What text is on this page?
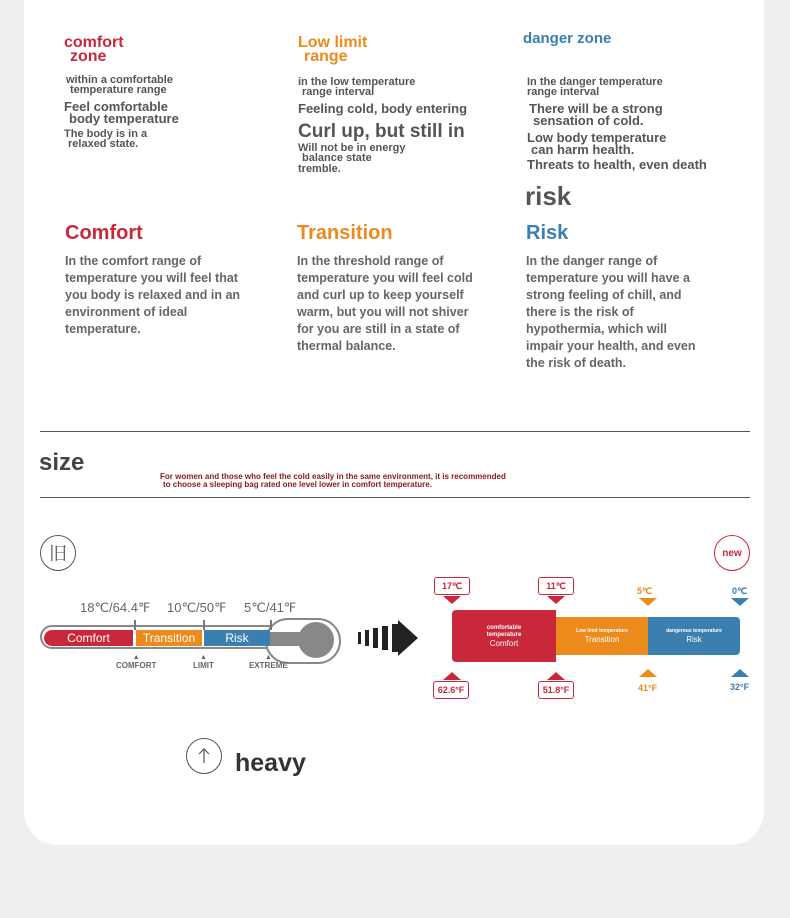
comfort
zone
within a comfortable
temperature range
Feel comfortable
body temperature
The body is in a
relaxed state.
Low limit
range
in the low temperature
range interval
Feeling cold, body entering
Curl up, but still in
Will not be in energy
balance state
tremble.
danger zone
In the danger temperature
range interval
There will be a strong
sensation of cold.
Low body temperature
can harm health.
Threats to health, even death
risk
Comfort
In the comfort range of
temperature you will feel that
you body is relaxed and in an
environment of ideal
temperature.
Transition
In the threshold range of
temperature you will feel cold
and curl up to keep yourself
warm, but you will not shiver
for you are still in a state of
thermal balance.
Risk
In the danger range of
temperature you will have a
strong feeling of chill, and
there is the risk of
hypothermia, which will
impair your health, and even
the risk of death.
size
For women and those who feel the cold easily in the same environment, it is recommended
to choose a sleeping bag rated one level lower in comfort temperature.
旧	new
18℃/64.4℉ 10℃/50℉ 5℃/41℉
Comfort	Transition	Risk
▲
COMFORT
▲
LIMIT
▲
EXTREME
17℃	11℃
5℃	0℃
comfortable temperature
Comfort
Low limit temperature
Transition
dangerous temperature
Risk
62.6°F	51.8°F	41°F	32°F
heavy
